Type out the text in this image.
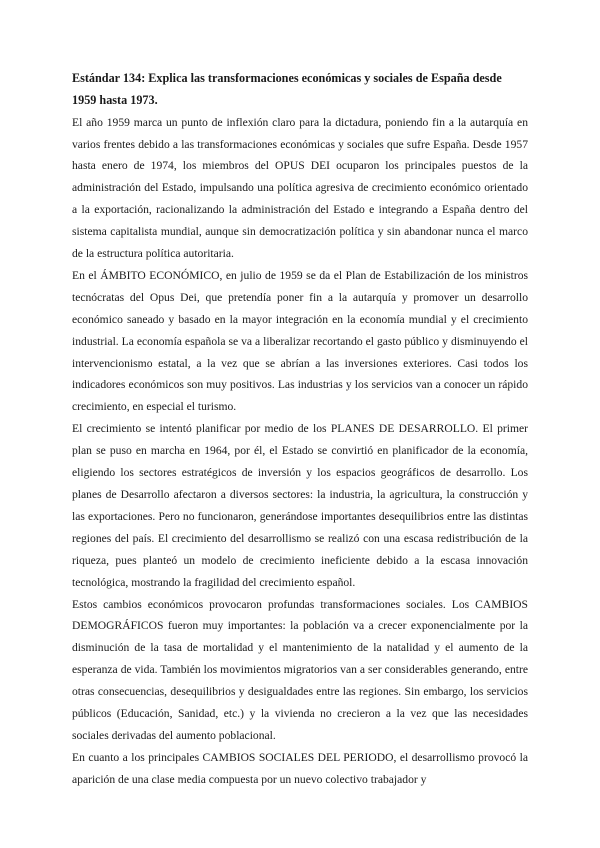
Estándar 134: Explica las transformaciones económicas y sociales de España desde 1959 hasta 1973.

El año 1959 marca un punto de inflexión claro para la dictadura, poniendo fin a la autarquía en varios frentes debido a las transformaciones económicas y sociales que sufre España. Desde 1957 hasta enero de 1974, los miembros del OPUS DEI ocuparon los principales puestos de la administración del Estado, impulsando una política agresiva de crecimiento económico orientado a la exportación, racionalizando la administración del Estado e integrando a España dentro del sistema capitalista mundial, aunque sin democratización política y sin abandonar nunca el marco de la estructura política autoritaria.

En el ÁMBITO ECONÓMICO, en julio de 1959 se da el Plan de Estabilización de los ministros tecnócratas del Opus Dei, que pretendía poner fin a la autarquía y promover un desarrollo económico saneado y basado en la mayor integración en la economía mundial y el crecimiento industrial. La economía española se va a liberalizar recortando el gasto público y disminuyendo el intervencionismo estatal, a la vez que se abrían a las inversiones exteriores. Casi todos los indicadores económicos son muy positivos. Las industrias y los servicios van a conocer un rápido crecimiento, en especial el turismo.

El crecimiento se intentó planificar por medio de los PLANES DE DESARROLLO. El primer plan se puso en marcha en 1964, por él, el Estado se convirtió en planificador de la economía, eligiendo los sectores estratégicos de inversión y los espacios geográficos de desarrollo. Los planes de Desarrollo afectaron a diversos sectores: la industria, la agricultura, la construcción y las exportaciones. Pero no funcionaron, generándose importantes desequilibrios entre las distintas regiones del país. El crecimiento del desarrollismo se realizó con una escasa redistribución de la riqueza, pues planteó un modelo de crecimiento ineficiente debido a la escasa innovación tecnológica, mostrando la fragilidad del crecimiento español.

Estos cambios económicos provocaron profundas transformaciones sociales. Los CAMBIOS DEMOGRÁFICOS fueron muy importantes: la población va a crecer exponencialmente por la disminución de la tasa de mortalidad y el mantenimiento de la natalidad y el aumento de la esperanza de vida. También los movimientos migratorios van a ser considerables generando, entre otras consecuencias, desequilibrios y desigualdades entre las regiones. Sin embargo, los servicios públicos (Educación, Sanidad, etc.) y la vivienda no crecieron a la vez que las necesidades sociales derivadas del aumento poblacional.

En cuanto a los principales CAMBIOS SOCIALES DEL PERIODO, el desarrollismo provocó la aparición de una clase media compuesta por un nuevo colectivo trabajador y
